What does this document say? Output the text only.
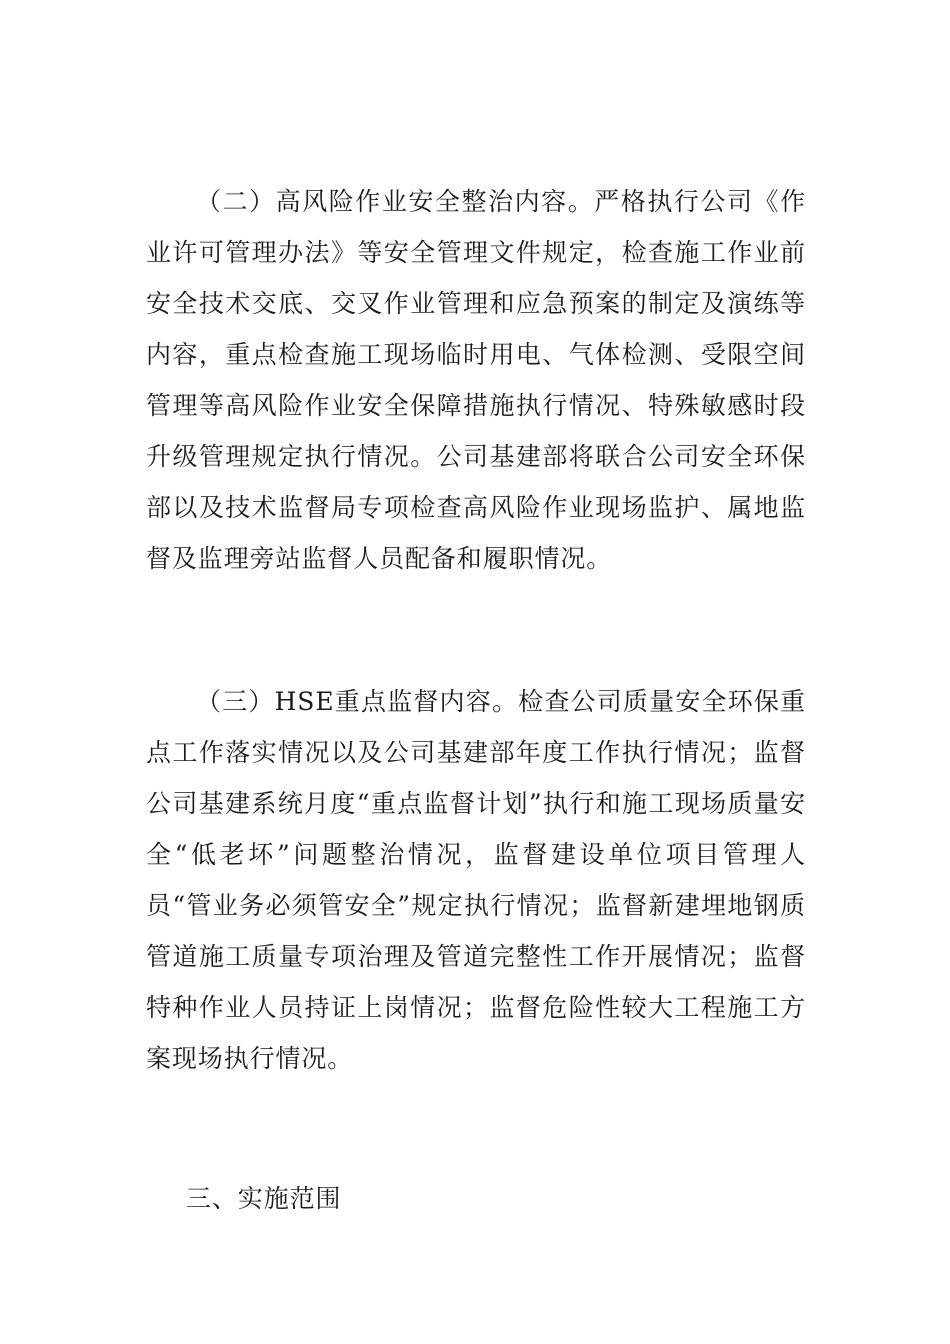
（二）高风险作业安全整治内容。严格执行公司《作业许可管理办法》等安全管理文件规定，检查施工作业前安全技术交底、交叉作业管理和应急预案的制定及演练等内容，重点检查施工现场临时用电、气体检测、受限空间管理等高风险作业安全保障措施执行情况、特殊敏感时段升级管理规定执行情况。公司基建部将联合公司安全环保部以及技术监督局专项检查高风险作业现场监护、属地监督及监理旁站监督人员配备和履职情况。

（三）HSE重点监督内容。检查公司质量安全环保重点工作落实情况以及公司基建部年度工作执行情况；监督公司基建系统月度“重点监督计划”执行和施工现场质量安全“低老坏”问题整治情况，监督建设单位项目管理人员“管业务必须管安全”规定执行情况；监督新建埋地钢质管道施工质量专项治理及管道完整性工作开展情况；监督特种作业人员持证上岗情况；监督危险性较大工程施工方案现场执行情况。

三、实施范围
